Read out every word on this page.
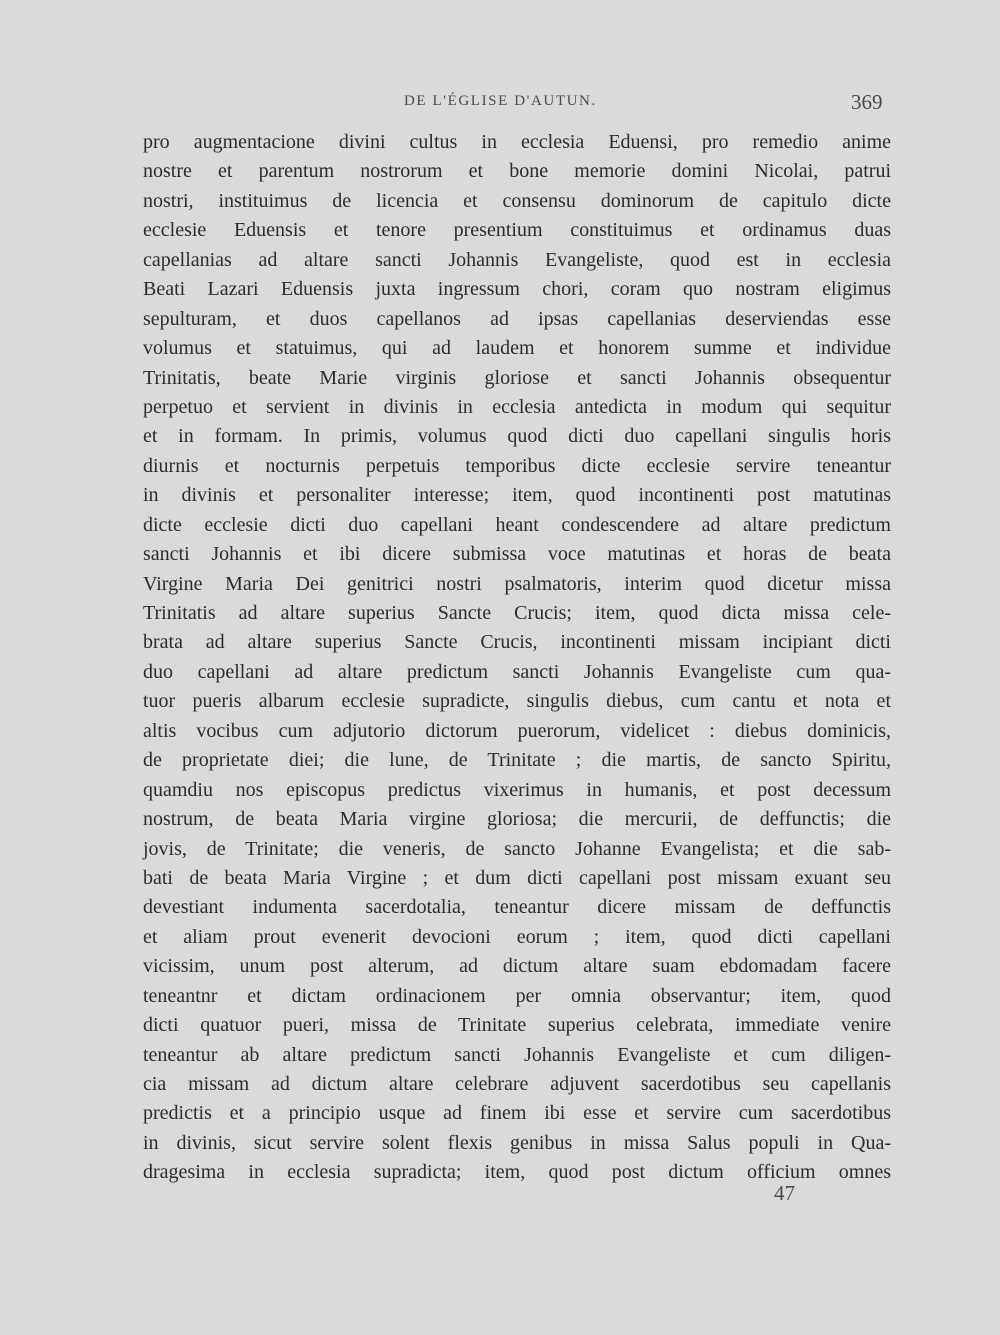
DE L'ÉGLISE D'AUTUN.	369
pro augmentacione divini cultus in ecclesia Eduensi, pro remedio anime
nostre et parentum nostrorum et bone memorie domini Nicolai, patrui
nostri, instituimus de licencia et consensu dominorum de capitulo dicte
ecclesie Eduensis et tenore presentium constituimus et ordinamus duas
capellanias ad altare sancti Johannis Evangeliste, quod est in ecclesia
Beati Lazari Eduensis juxta ingressum chori, coram quo nostram eligimus
sepulturam, et duos capellanos ad ipsas capellanias deserviendas esse
volumus et statuimus, qui ad laudem et honorem summe et individue
Trinitatis, beate Marie virginis gloriose et sancti Johannis obsequentur
perpetuo et servient in divinis in ecclesia antedicta in modum qui sequitur
et in formam. In primis, volumus quod dicti duo capellani singulis horis
diurnis et nocturnis perpetuis temporibus dicte ecclesie servire teneantur
in divinis et personaliter interesse; item, quod incontinenti post matutinas
dicte ecclesie dicti duo capellani heant condescendere ad altare predictum
sancti Johannis et ibi dicere submissa voce matutinas et horas de beata
Virgine Maria Dei genitrici nostri psalmatoris, interim quod dicetur missa
Trinitatis ad altare superius Sancte Crucis; item, quod dicta missa cele-
brata ad altare superius Sancte Crucis, incontinenti missam incipiant dicti
duo capellani ad altare predictum sancti Johannis Evangeliste cum qua-
tuor pueris albarum ecclesie supradicte, singulis diebus, cum cantu et nota et
altis vocibus cum adjutorio dictorum puerorum, videlicet : diebus dominicis,
de proprietate diei; die lune, de Trinitate ; die martis, de sancto Spiritu,
quamdiu nos episcopus predictus vixerimus in humanis, et post decessum
nostrum, de beata Maria virgine gloriosa; die mercurii, de deffunctis; die
jovis, de Trinitate; die veneris, de sancto Johanne Evangelista; et die sab-
bati de beata Maria Virgine ; et dum dicti capellani post missam exuant seu
devestiant indumenta sacerdotalia, teneantur dicere missam de deffunctis
et aliam prout evenerit devocioni eorum ; item, quod dicti capellani
vicissim, unum post alterum, ad dictum altare suam ebdomadam facere
teneantnr et dictam ordinacionem per omnia observantur; item, quod
dicti quatuor pueri, missa de Trinitate superius celebrata, immediate venire
teneantur ab altare predictum sancti Johannis Evangeliste et cum diligen-
cia missam ad dictum altare celebrare adjuvent sacerdotibus seu capellanis
predictis et a principio usque ad finem ibi esse et servire cum sacerdotibus
in divinis, sicut servire solent flexis genibus in missa Salus populi in Qua-
dragesima in ecclesia supradicta; item, quod post dictum officium omnes
47
